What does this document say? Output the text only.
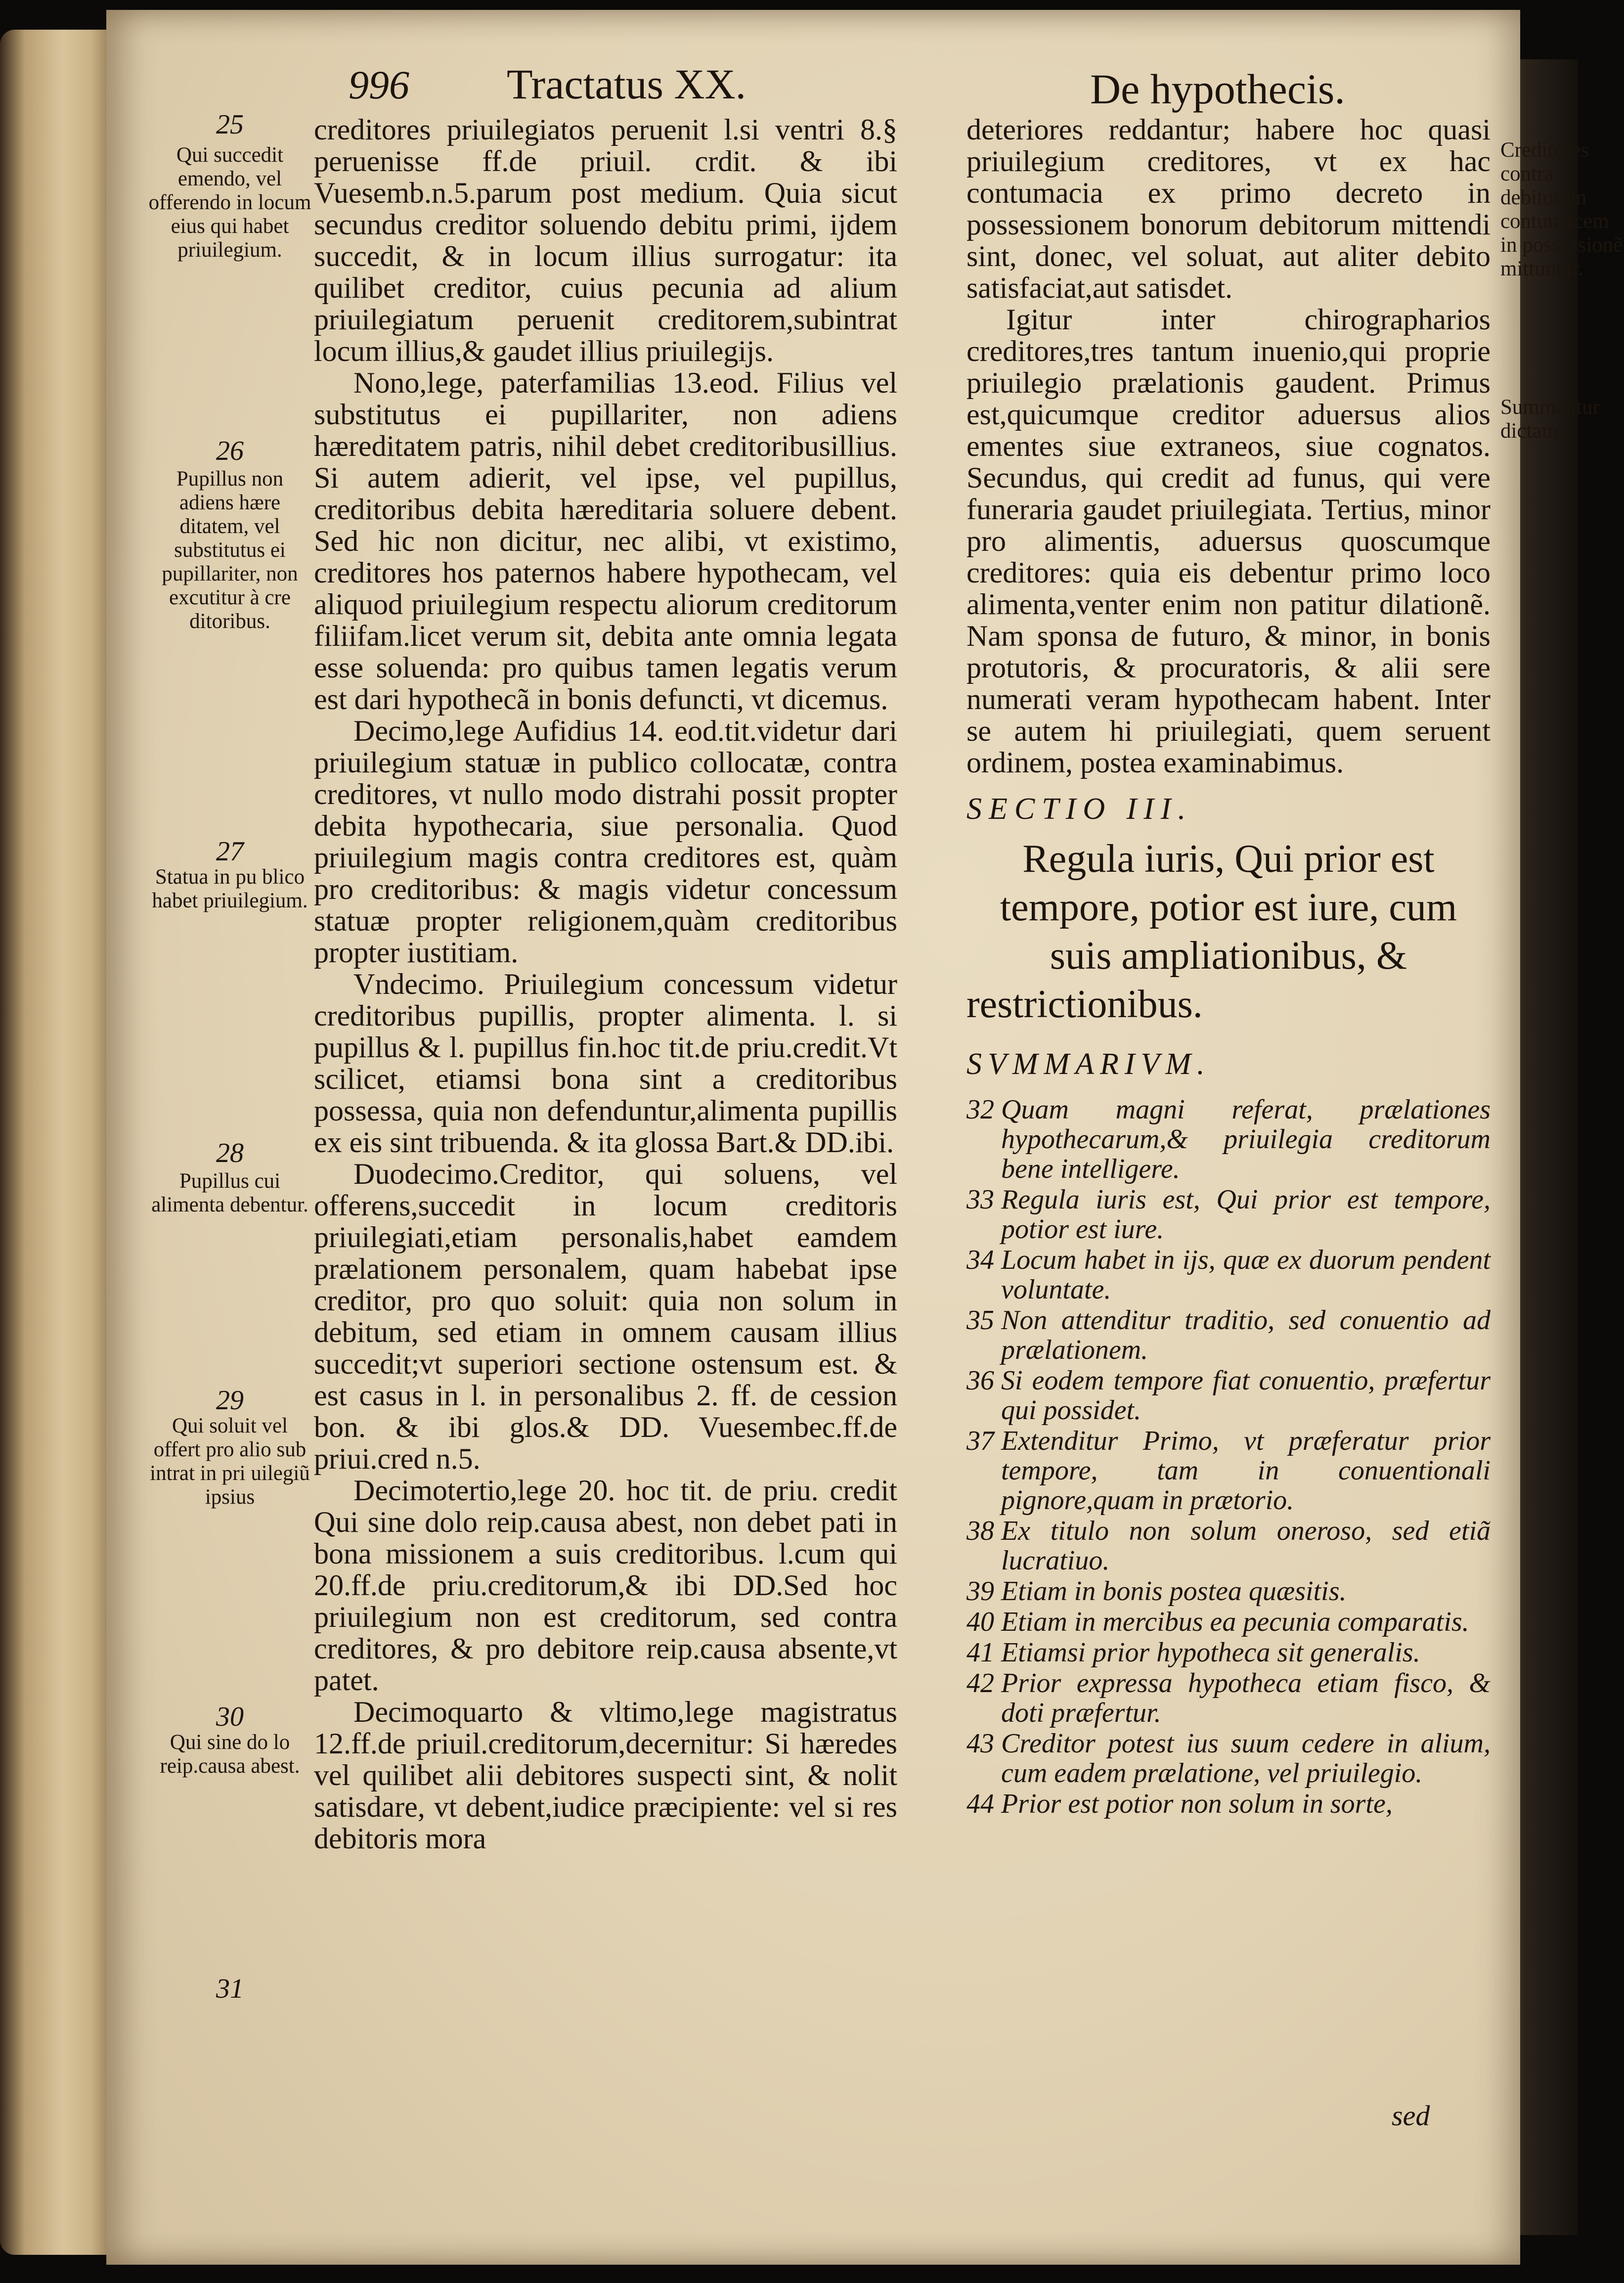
996 Tractatus XX.	De hypothecis.
25
Qui succedit emendo, vel offerendo in locum eius qui habet priuilegium.
26
Pupillus non adiens hære ditatem, vel substitutus ei pupillariter, non excutitur à cre ditoribus.
27
Statua in pu blico habet priuilegium.
28
Pupillus cui alimenta debentur.
29
Qui soluit vel offert pro alio sub intrat in pri uilegiũ ipsius
30
Qui sine do lo reip.causa abest.
31

creditores priuilegiatos peruenit l.si ventri 8.§ peruenisse ff.de priuil. crdit. & ibi Vuesemb.n.5.parum post medium. Quia sicut secundus creditor soluendo debitu primi, ijdem succedit, & in locum illius surrogatur: ita quilibet creditor, cuius pecunia ad alium priuilegiatum peruenit creditorem,subintrat locum illius,& gaudet illius priuilegijs.

Nono,lege, paterfamilias 13.eod. Filius vel substitutus ei pupillariter, non adiens hæreditatem patris, nihil debet creditoribusillius. Si autem adierit, vel ipse, vel pupillus, creditoribus debita hæreditaria soluere debent. Sed hic non dicitur, nec alibi, vt existimo, creditores hos paternos habere hypothecam, vel aliquod priuilegium respectu aliorum creditorum filiifam.licet verum sit, debita ante omnia legata esse soluenda: pro quibus tamen legatis verum est dari hypothecã in bonis defuncti, vt dicemus.

Decimo,lege Aufidius 14. eod.tit.videtur dari priuilegium statuæ in publico collocatæ, contra creditores, vt nullo modo distrahi possit propter debita hypothecaria, siue personalia. Quod priuilegium magis contra creditores est, quàm pro creditoribus: & magis videtur concessum statuæ propter religionem,quàm creditoribus propter iustitiam.

Vndecimo. Priuilegium concessum videtur creditoribus pupillis, propter alimenta. l. si pupillus & l. pupillus fin.hoc tit.de priu.credit.Vt scilicet, etiamsi bona sint a creditoribus possessa, quia non defenduntur,alimenta pupillis ex eis sint tribuenda. & ita glossa Bart.& DD.ibi.

Duodecimo.Creditor, qui soluens, vel offerens,succedit in locum creditoris priuilegiati,etiam personalis,habet eamdem prælationem personalem, quam habebat ipse creditor, pro quo soluit: quia non solum in debitum, sed etiam in omnem causam illius succedit;vt superiori sectione ostensum est. & est casus in l. in personalibus 2. ff. de cession bon. & ibi glos.& DD. Vuesembec.ff.de priui.cred n.5.

Decimotertio,lege 20. hoc tit. de priu. credit Qui sine dolo reip.causa abest, non debet pati in bona missionem a suis creditoribus. l.cum qui 20.ff.de priu.creditorum,& ibi DD.Sed hoc priuilegium non est creditorum, sed contra creditores, & pro debitore reip.causa absente,vt patet.

Decimoquarto & vltimo,lege magistratus 12.ff.de priuil.creditorum,decernitur: Si hæredes vel quilibet alii debitores suspecti sint, & nolit satisdare, vt debent,iudice præcipiente: vel si res debitoris mora

deteriores reddantur; habere hoc quasi priuilegium creditores, vt ex hac contumacia ex primo decreto in possessionem bonorum debitorum mittendi sint, donec, vel soluat, aut aliter debito satisfaciat,aut satisdet.

Igitur inter chirographarios creditores,tres tantum inuenio,qui proprie priuilegio prælationis gaudent. Primus est,quicumque creditor aduersus alios ementes siue extraneos, siue cognatos. Secundus, qui credit ad funus, qui vere funeraria gaudet priuilegiata. Tertius, minor pro alimentis, aduersus quoscumque creditores: quia eis debentur primo loco alimenta,venter enim non patitur dilationẽ. Nam sponsa de futuro, & minor, in bonis protutoris, & procuratoris, & alii sere numerati veram hypothecam habent. Inter se autem hi priuilegiati, quem seruent ordinem, postea examinabimus.

SECTIO III.
Regula iuris, Qui prior est tempore, potior est iure, cum suis ampliationibus, & restrictionibus.
SVMMARIVM.
32 Quam magni referat, prælationes hypothecarum,& priuilegia creditorum bene intelligere.
33 Regula iuris est, Qui prior est tempore, potior est iure.
34 Locum habet in ijs, quæ ex duorum pendent voluntate.
35 Non attenditur traditio, sed conuentio ad prælationem.
36 Si eodem tempore fiat conuentio, præfertur qui possidet.
37 Extenditur Primo, vt præferatur prior tempore, tam in conuentionali pignore,quam in prætorio.
38 Ex titulo non solum oneroso, sed etiã lucratiuo.
39 Etiam in bonis postea quæsitis.
40 Etiam in mercibus ea pecunia comparatis.
41 Etiamsi prior hypotheca sit generalis.
42 Prior expressa hypotheca etiam fisco, & doti præfertur.
43 Creditor potest ius suum cedere in alium, cum eadem prælatione, vel priuilegio.
44 Prior est potior non solum in sorte,
Creditores contra debitorem contumacem in possessionẽ mittuntur.
Summantur dictam.
sed
